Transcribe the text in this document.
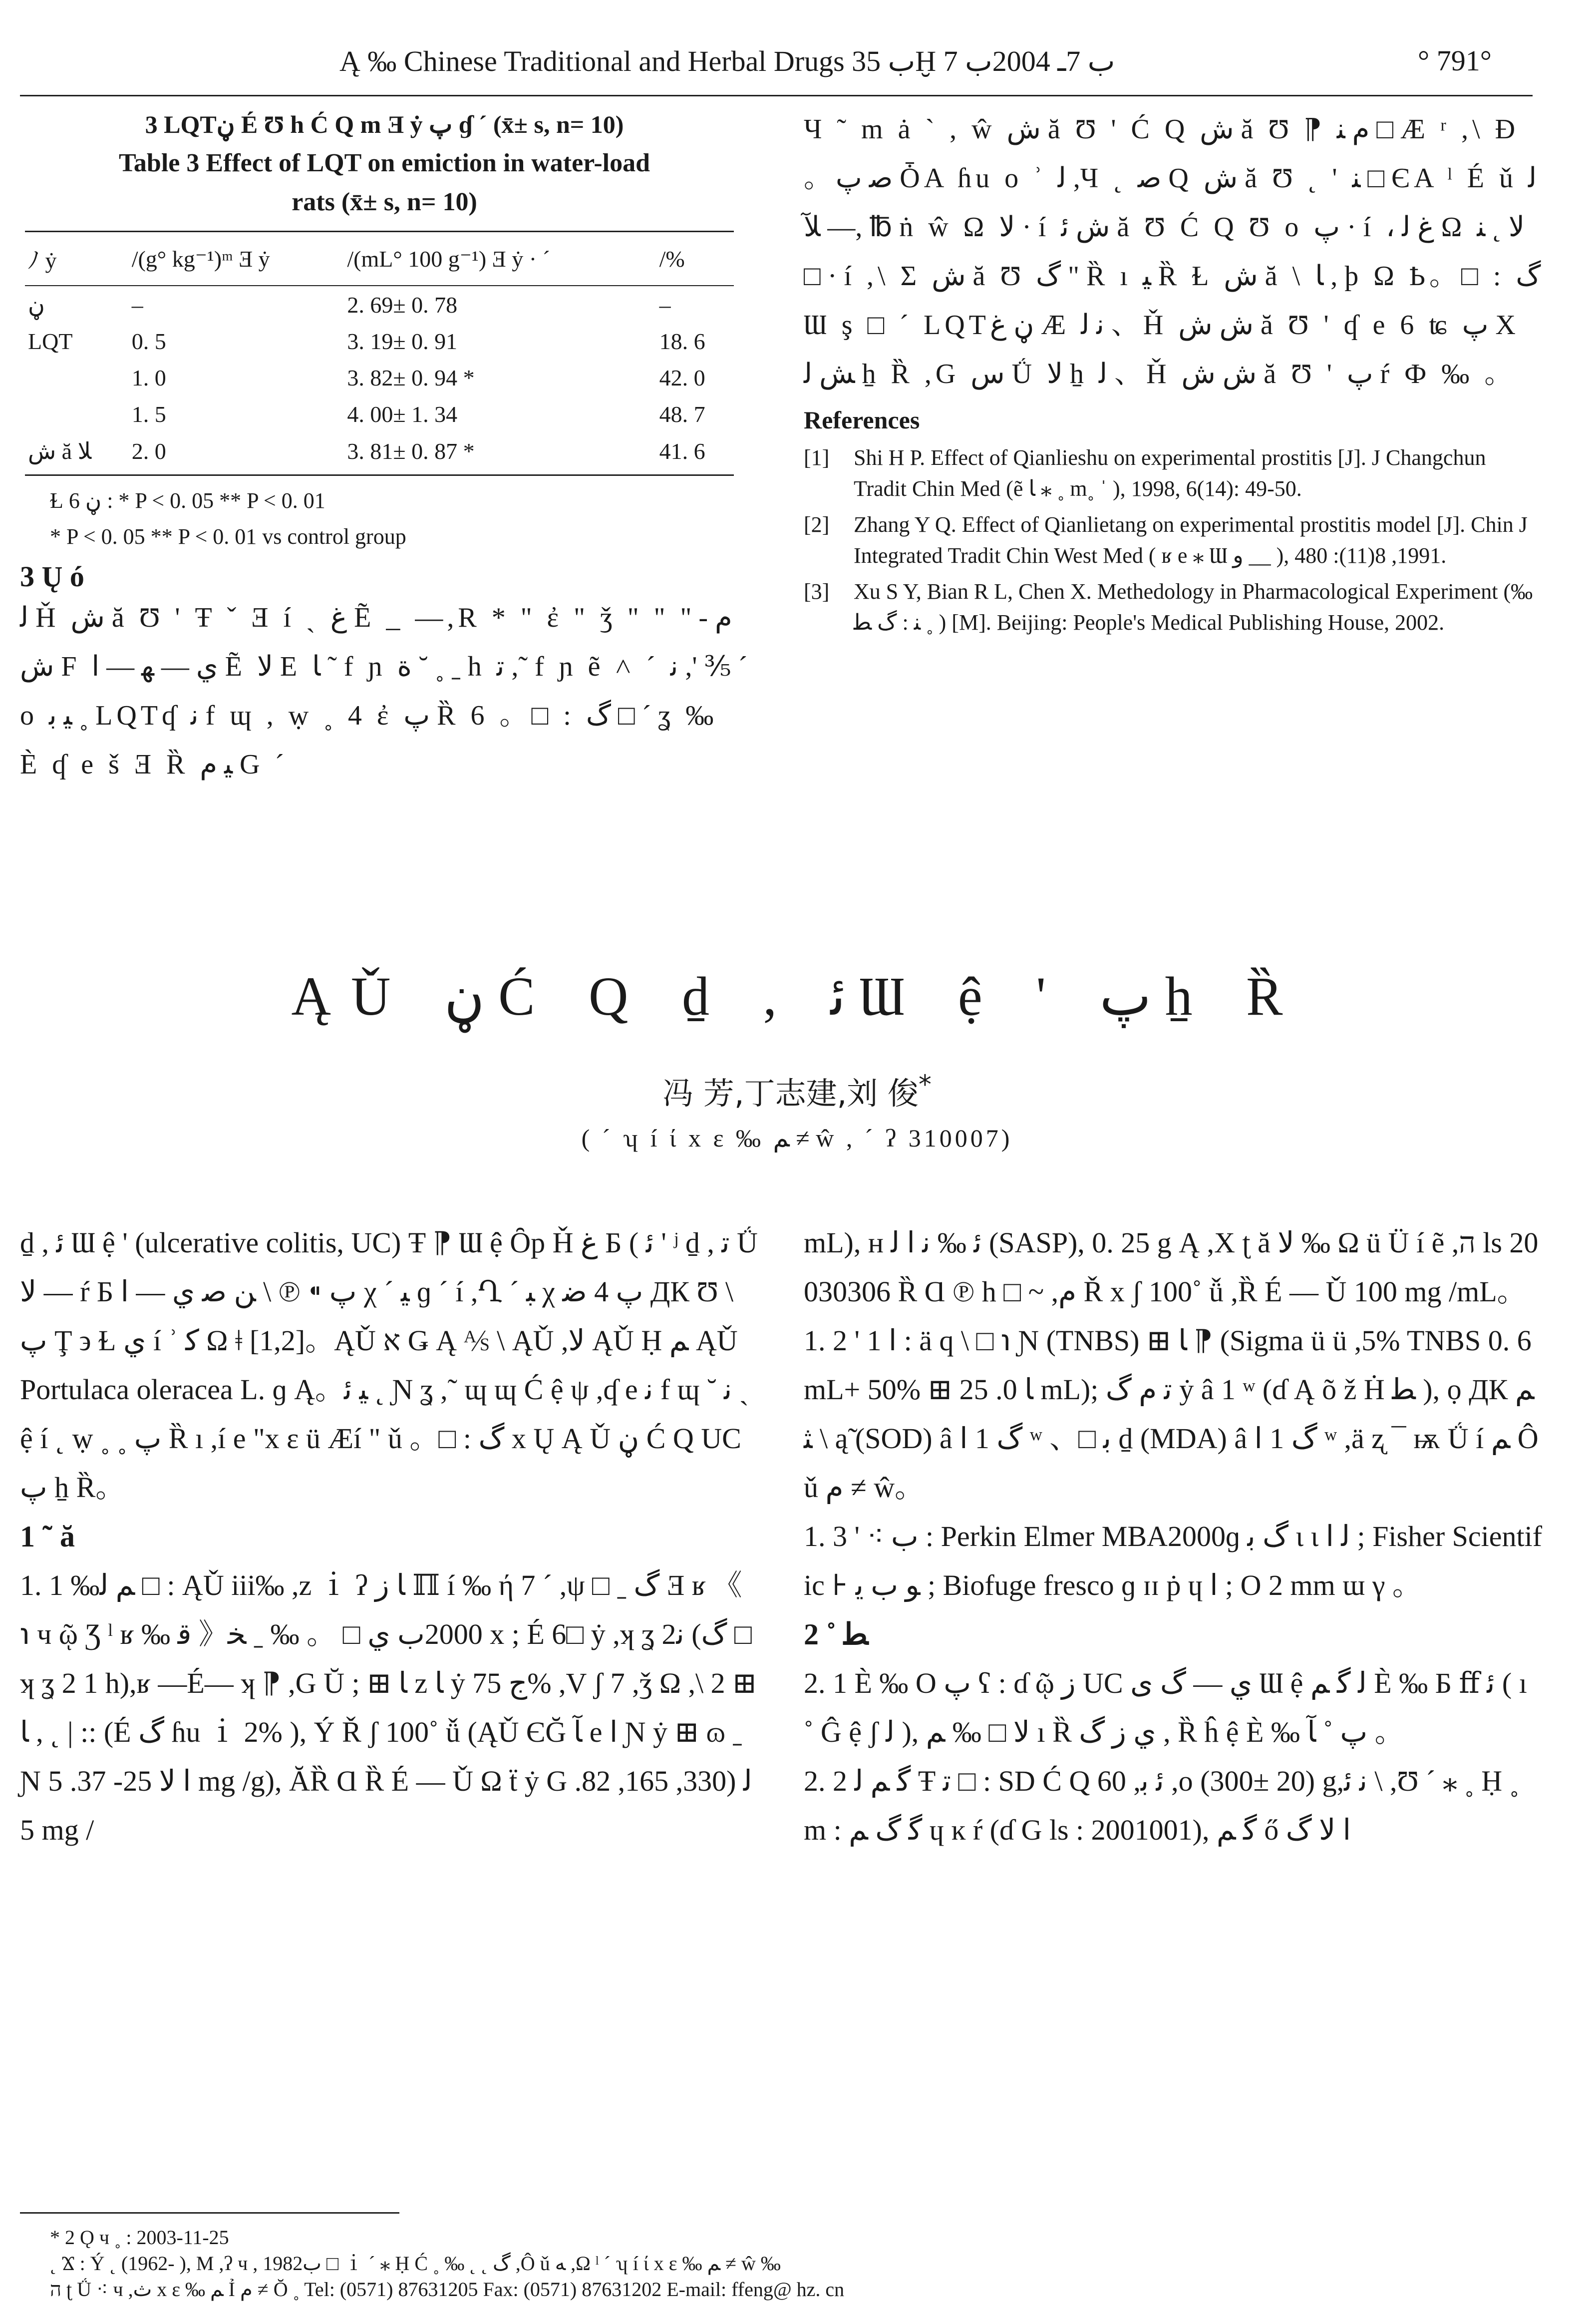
Ą ‰ Chinese Traditional and Herbal Drugs ب 35Ḫ ب 7ـ 2004ب 7	° 791°
3 LQTڼ É Ʊ h Ć Q m Ǝ ẏ پ ɠ ˊ (x̄± s, n= 10)
Table 3 Effect of LQT on emiction in water-load
rats (x̄± s, n= 10)
ﾉ ẏ	/(g° kg⁻¹)ᵐ Ǝ ẏ	/(mL° 100 g⁻¹) Ǝ ẏ · ˊ	/%
ڼ	–	2. 69± 0. 78	–
LQT	0. 5	3. 19± 0. 91	18. 6
	1. 0	3. 82± 0. 94 *	42. 0
	1. 5	4. 00± 1. 34	48. 7
ﺵ ă ﻼ	2. 0	3. 81± 0. 87 *	41. 6
Ɫ ڼ 6 : * P < 0. 05 ** P < 0. 01
* P < 0. 05 ** P < 0. 01 vs control group
3 Ų ó
ﻟ Ȟ ﺵ ă Ʊ ' Ŧ ˇ Ǝ í ˏ ﻍ Ẽ _ —,R * " ἐ " ǯ " " ﻡ - " ﺵ F ﻱ — ﻬ — ﺍ Ẽ ﻻ E ﺎ ˜ f ɲ ﺓ ˘ ˳ ˍ h ﺗ ,˜ f ɲ ẽ ˄ ˊ ﻧ ,' ⅗ ˊ o ﻴ ﺑ ˳ LQTʠ ﻧ f ɰ , ẉ ˳ 4 ἐ پ Ȑ 6 。□ : ﮒ □ ˊ ʓ ‰ È ʠ e š Ǝ Ȑ ﻴ ﻡ G ˊ
Ч ˜ m ȧ ˋ , ŵ ﺵ ă Ʊ ' Ć Q ﺵ ă Ʊ ⁋ ﻡ ﻨ □ Æ ʳ ,\ Ɖ 。ﺻ پ ȰA ɦu o ʾ ﻟ ,Ч ˛ ﺻ Q ﺵ ă Ʊ ˛ ' ﻨ □ ЄA ˡ É ǔ ﻟ ,— ﻶ ℔ ṅ ŵ Ω ﻻ · í ﺵ ﺋ ă Ʊ Ć Q Ʊ o پ · í ، ﻍ ﻟ Ω ﻻ ˛ ﻨ □ · í ,\ Σ ﺵ ă Ʊ ﮒ " Ȑ ı ﻴ Ȑ Ɫ ﺵ ă \ ﺎ , þ Ω Ҍ。□ : ﮒ Ɯ ş □ ˊ LQTڼ ﻍ Æ ﻧ ﻟ 、Ȟ ﺵ ﺵ ă Ʊ ' ʠ e 6 ʨ پ X ﺶ ﻟ ẖ Ȑ ,G ﺱ Ǘ ﻻ ẖ ﻟ 、Ȟ ﺵ ﺵ ă Ʊ ' پ ŕ Ф ‰ 。
References
[1]	Shi H P. Effect of Qianlieshu on experimental prostitis [J]. J Changchun Tradit Chin Med (ẽ ﺎ ⁎ ˳ m˳ ˈ ), 1998, 6(14): 49-50.
[2]	Zhang Y Q. Effect of Qianlietang on experimental prostitis model [J]. Chin J Integrated Tradit Chin West Med ( ʁ e ⁎ Ɯ ﻭ __ ), 1991, 8(11): 480.
[3]	Xu S Y, Bian R L, Chen X. Methedology in Pharmacological Experiment (‰ ﻨ : ﮒ ﻄ ˳ ) [M]. Beijing: People's Medical Publishing House, 2002.
ĄǓ ڼ Ć Q ḏ , ﺋ Ɯ ệ ' پ ẖ Ȑ
冯 芳,丁志建,刘 俊*
( ˊ ʮ í ί x ε ‰ ﻢ ≠ ŵ , ˊ ʔ 310007)
ḏ , ﺋ Ɯ ệ ' (ulcerative colitis, UC) Ŧ ⁋ Ɯ ệ Ȏp Ȟ ﻍ Б ( ﺋ ' ʲ ḏ , ﺗ Ǘ ﻻ — ŕ Б پ ⁌ ℗ \ ﻦ ﺻ ﻱ — ﺍ χ ˊ ﻴ ɡ ˊ í ,Ղ ˊ ﺒ χ پ 4 ﺿ ДК Ʊ \ پ Ţ ϶ Ɫ ﻱ í ʾ ﮐ Ω ǂ [1,2]。ĄǓ ﬡ Ǥ Ą ⅍ \ ĄǓ ,ﻻ ĄǓ Ḥ ﻢ ĄǓ Portulaca oleracea L. ɡ Ą。ﻴ ﺋ ˛ Ɲ ʓ ,˜ ɰ ɰ Ć ệ ψ ,ʠ e ﻧ f ɰ ˘ ﻧ ˏ ệ í ˛ ẉ ˳ ˳ پ Ȑ ı ,í e "x ε ü Æí " ǔ 。□ : ﮒ x Ų Ą Ǔ ڼ Ć Q UCپ ẖ Ȑ。
1 ˜ ă
1. 1 ‰ﻢ ﻟ □ : ĄǓ iii‰ ,z ｉ ʔ ﺎ ﺯ ℿ í ‰ ή 7 ˊ ,ψ □ ˍ ﮒ Ǝ ʁ 《 ℩ ч ῷ Ʒ ˡ ʁ ‰ ﻗ 》2000ب ﻱ □ 。 ‰ ˍ ﺨ x ; É 6□ ẏ ,ʞ ʓ 2ﻧ (ﮒ □ ʞ ʓ 2 1 h),ʁ —É— ʞ ⁋ ,G Ŭ ; ⊞ ﺎ z ﺎ ẏ ﺝ 75% ,V ʃ 7 ,ǯ Ω ,\ 2 ⊞ ﺎ , ˛ | :: (É ﮒ ɦu ｉ 2% ), Ý Ř ʃ 100˚ ǚ (ĄǓ ЄĞ ﺂ e ﺍ Ɲ ẏ ⊞ ɷ ˍ Ɲ ﺍ ﻻ 25- 37. 5 mg /g), ĂȐ Ɑ Ȑ É — Ǔ Ω ẗ ẏ G ﻟ (330, 165, 82. 5 mg /
mL), ʜ ﺋ ‰ ﻧ ﺍ ﻟ (SASP), 0. 25 g Ą ,Χ ʈ ă ﻻ ‰ Ω ü Ü í ẽ ,ה ls 20030306 Ȑ Ɑ ℗ h □ ~ ,ﻡ Ř x ʃ 100˚ ǚ ,Ȑ É — Ǔ 100 mg /mL。
1. 2 ' 1 ﺍ : ä q \ □ ℩ Ɲ (TNBS) ⊞ ﺎ ⁋ (Sigma ü ü ,5% TNBS 0. 6 mL+ 50% ⊞ ﺎ 0. 25 mL); ﺗ ﻡ ﮒ ẏ â 1 ʷ (ɗ Ą õ ž Ḣ ﻄ ), ọ ДК ﻢ ﺜ \ ą̃ (SOD) â ﮒ 1 ﺍ ʷ 、□ ﺑ ḏ (MDA) â ﮒ 1 ﺍ ʷ ,ä ʐ ¯ ѭ Ǘ í ﻢ Ô ǔ ﻡ ≠ ŵ。
1. 3 ' ⁖ ﺏ : Perkin Elmer MBA2000ɡ ﮒ ﺑ ι ι ﻟ ﺍ ; Fisher Scientific ⊦ ﻮ ﺏ ﻳ ; Biofuge fresco ɡ ɪɪ ṗ ɥ ﺍ ; Ο 2 mm ɯ γ 。
2 ˚ ﻄ
2. 1 È ‰ Ο پ ʕ : ɗ ῷ ﺯ UC ﻱ — ﮒ ﻯ Ɯ ệ ﻟ ﮔ ﻢ È ‰ Б ﬀ ﺋ ( ı ˚ Ĝ ệ ʃ ﻟ ), ﻻ □ ‰ ﻢ ı Ȑ ﻱ ﺯ ﮒ , Ȑ ĥ ệ È ‰ پ ˚ ﺂ 。
2. 2 ﮔ ﻢ ﻟ Ŧ ﺗ □ : SD Ć Q 60 ,ﺋ ﺑ ,o (300± 20) g,ﻧ ﺋ \ ,Ʊ ˊ ⁎ ˳ Ḥ ˳ m : ﮔ ﮒ ﻢ ɥ ĸ ŕ (ɗ G ls : 2001001), ﮔ ﻢ ő ﺍ ﻻ ﮒ
* 2 Ǫ ч ˳ : 2003-11-25
˛ Ϫ : Ý ˛ (1962- ), M ,ʔ ч , 1982ب □ ｉ ˊ ⁎ Ḥ Ć ˳ ‰ ˛ ˛ ﮒ ,Ô ǔ ﻪ ,Ω ˡ ˊ ʮ í ί x ε ‰ ﻢ ≠ ŵ ‰
ה ʈ Ǘ ⁖ ч ,ﺙ x ε ‰ ﻢ Ỉ ﻡ ≠ Ŏ ˳ Tel: (0571) 87631205 Fax: (0571) 87631202 E-mail: ffeng@ hz. cn
